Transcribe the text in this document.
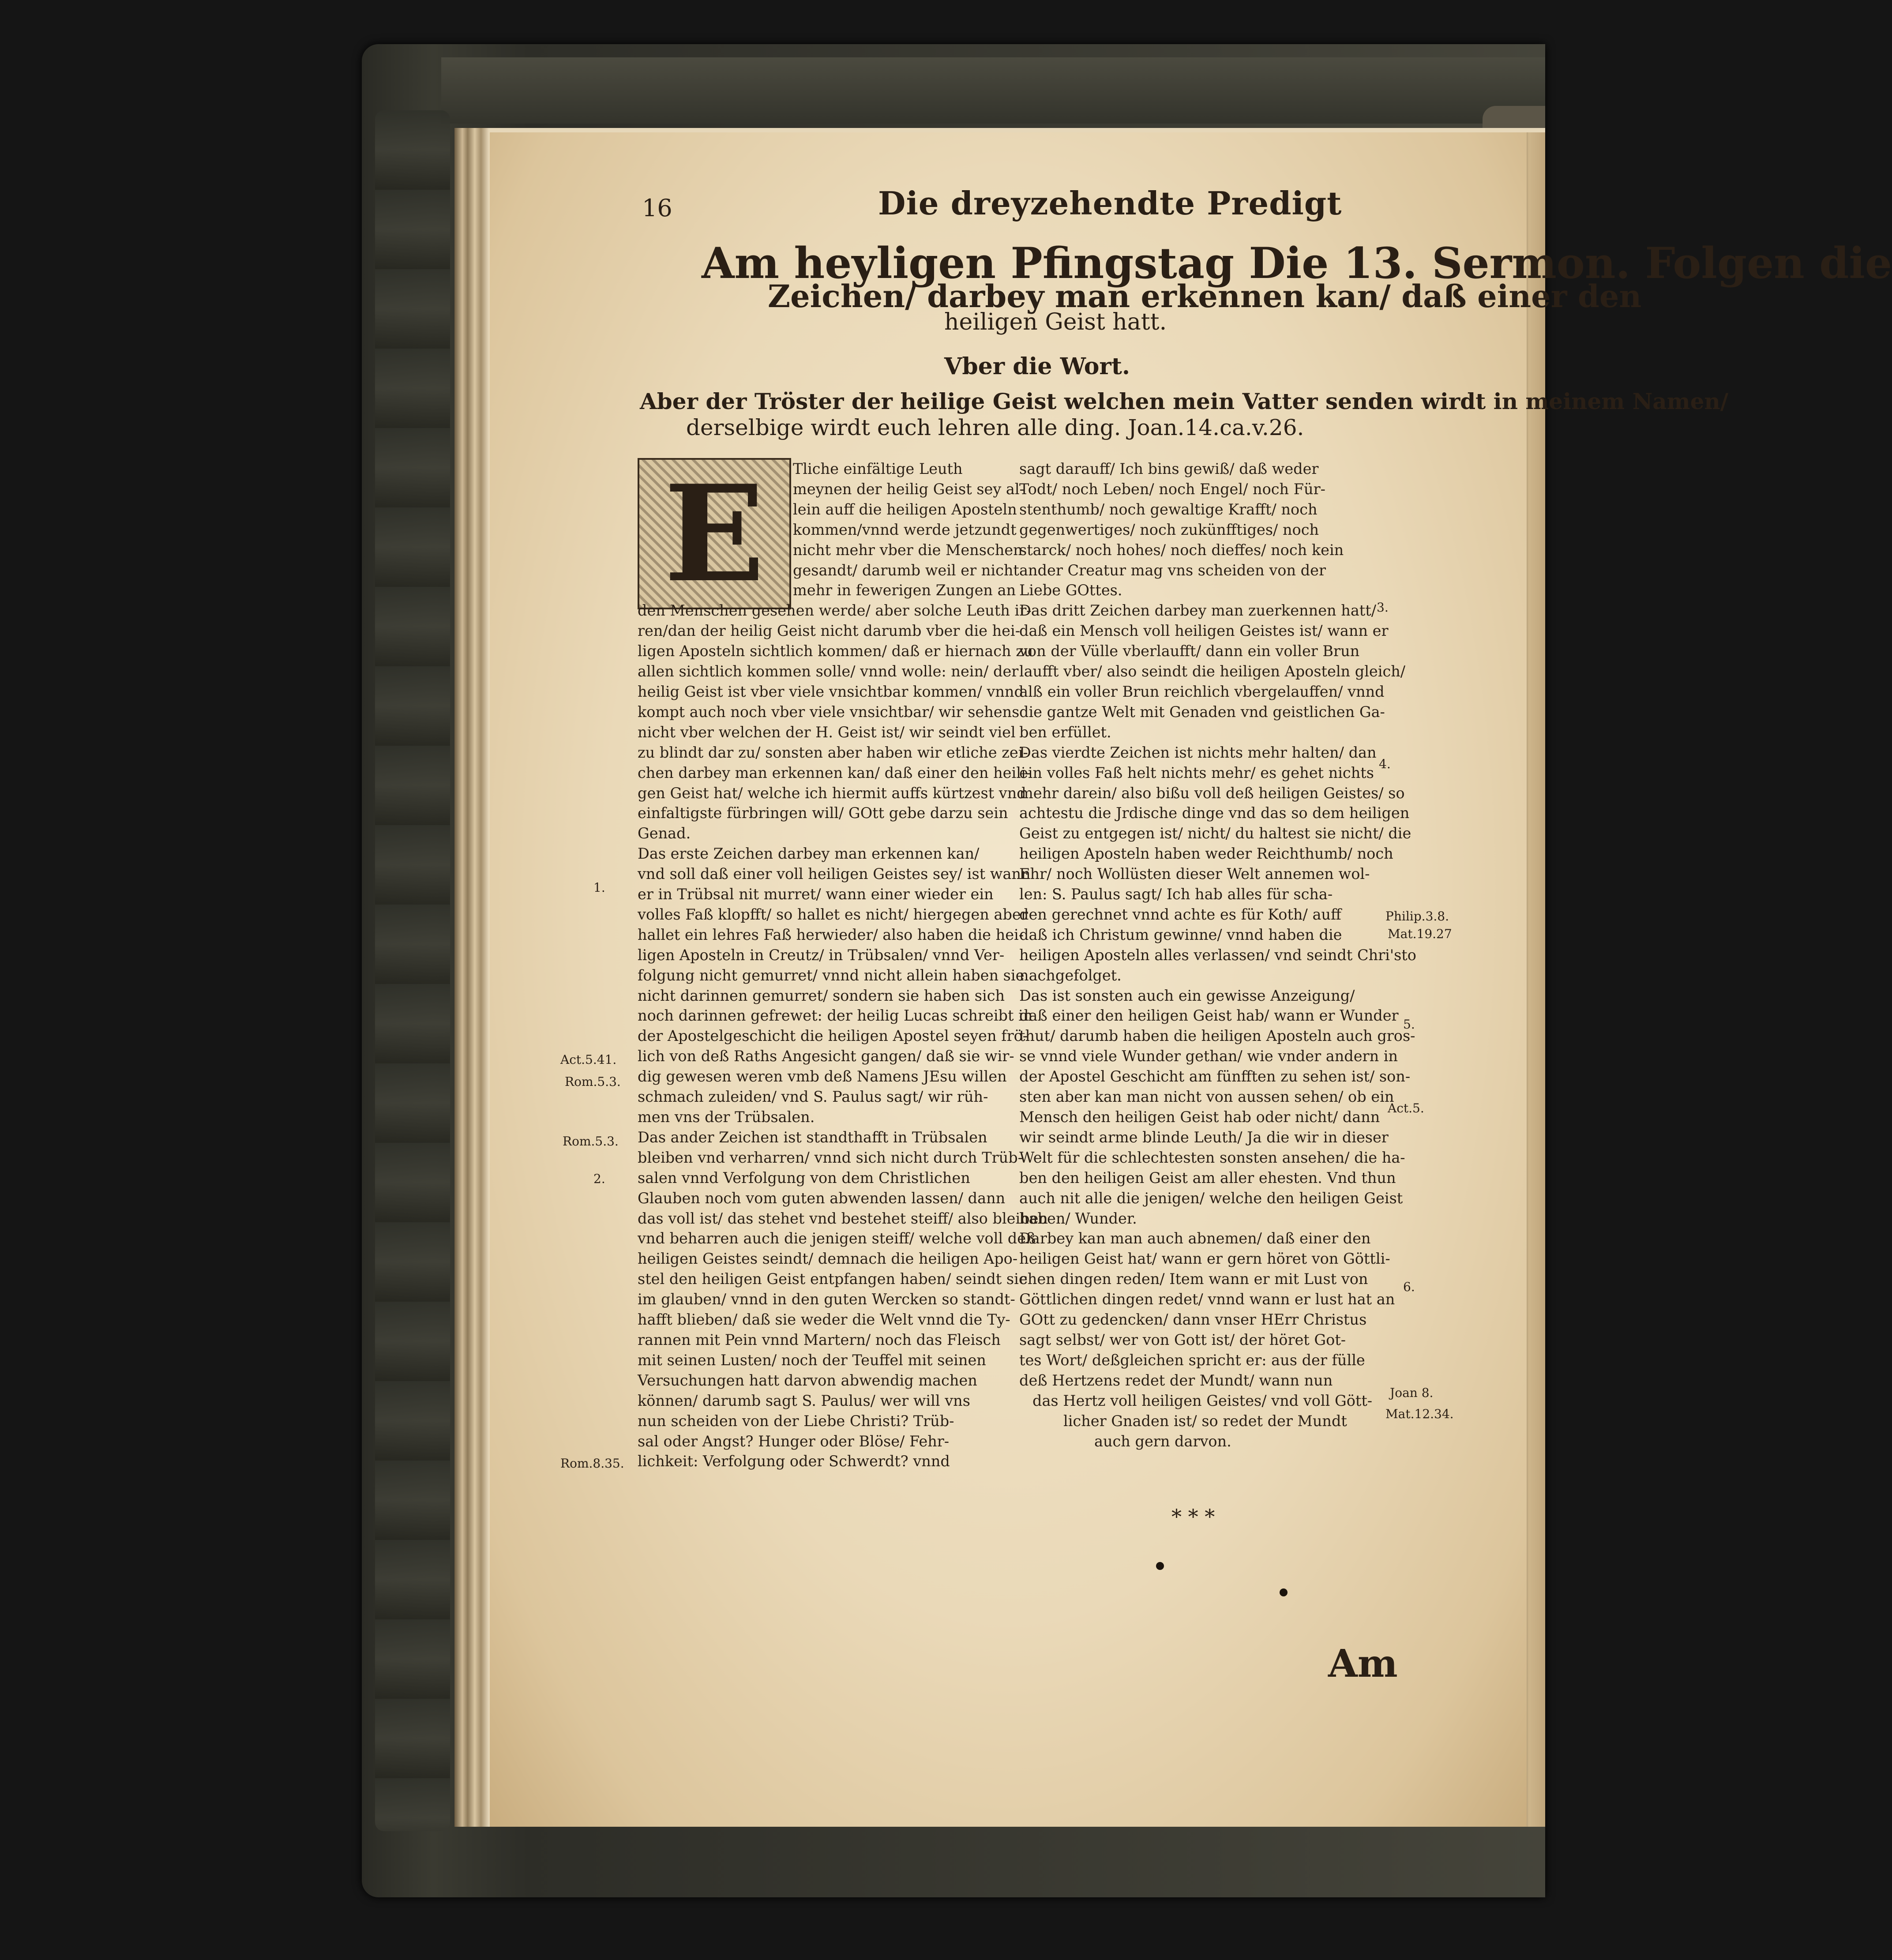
16	Die dreyzehendte Predigt
Am heyligen Pfingstag Die 13. Sermon. Folgen die
Zeichen/ darbey man erkennen kan/ daß einer den
heiligen Geist hatt.
Vber die Wort.
Aber der Tröster der heilige Geist welchen mein Vatter senden wirdt in meinem Namen/
derselbige wirdt euch lehren alle ding. Joan.14.ca.v.26.
E	Tliche einfältige Leuth
meynen der heilig Geist sey al-
lein auff die heiligen Aposteln
kommen/vnnd werde jetzundt
nicht mehr vber die Menschen
gesandt/ darumb weil er nicht
mehr in fewerigen Zungen an
den Menschen gesehen werde/ aber solche Leuth ir-
ren/dan der heilig Geist nicht darumb vber die hei-
ligen Aposteln sichtlich kommen/ daß er hiernach zu
allen sichtlich kommen solle/ vnnd wolle: nein/ der
heilig Geist ist vber viele vnsichtbar kommen/ vnnd
kompt auch noch vber viele vnsichtbar/ wir sehens
nicht vber welchen der H. Geist ist/ wir seindt viel
zu blindt dar zu/ sonsten aber haben wir etliche zei-
chen darbey man erkennen kan/ daß einer den heili-
gen Geist hat/ welche ich hiermit auffs kürtzest vnd
einfaltigste fürbringen will/ GOtt gebe darzu sein
Genad.
Das erste Zeichen darbey man erkennen kan/
vnd soll daß einer voll heiligen Geistes sey/ ist wann
er in Trübsal nit murret/ wann einer wieder ein
volles Faß klopfft/ so hallet es nicht/ hiergegen aber
hallet ein lehres Faß herwieder/ also haben die hei-
ligen Aposteln in Creutz/ in Trübsalen/ vnnd Ver-
folgung nicht gemurret/ vnnd nicht allein haben sie
nicht darinnen gemurret/ sondern sie haben sich
noch darinnen gefrewet: der heilig Lucas schreibt in
der Apostelgeschicht die heiligen Apostel seyen frö-
lich von deß Raths Angesicht gangen/ daß sie wir-
dig gewesen weren vmb deß Namens JEsu willen
schmach zuleiden/ vnd S. Paulus sagt/ wir rüh-
men vns der Trübsalen.
Das ander Zeichen ist standthafft in Trübsalen
bleiben vnd verharren/ vnnd sich nicht durch Trüb-
salen vnnd Verfolgung von dem Christlichen
Glauben noch vom guten abwenden lassen/ dann
das voll ist/ das stehet vnd bestehet steiff/ also bleiben
vnd beharren auch die jenigen steiff/ welche voll deß
heiligen Geistes seindt/ demnach die heiligen Apo-
stel den heiligen Geist entpfangen haben/ seindt sie
im glauben/ vnnd in den guten Wercken so standt-
hafft blieben/ daß sie weder die Welt vnnd die Ty-
rannen mit Pein vnnd Martern/ noch das Fleisch
mit seinen Lusten/ noch der Teuffel mit seinen
Versuchungen hatt darvon abwendig machen
können/ darumb sagt S. Paulus/ wer will vns
nun scheiden von der Liebe Christi? Trüb-
sal oder Angst? Hunger oder Blöse/ Fehr-
lichkeit: Verfolgung oder Schwerdt? vnnd
sagt darauff/ Ich bins gewiß/ daß weder
Todt/ noch Leben/ noch Engel/ noch Für-
stenthumb/ noch gewaltige Krafft/ noch
gegenwertiges/ noch zukünfftiges/ noch
starck/ noch hohes/ noch dieffes/ noch kein
ander Creatur mag vns scheiden von der
Liebe GOttes.
Das dritt Zeichen darbey man zuerkennen hatt/
daß ein Mensch voll heiligen Geistes ist/ wann er
von der Vülle vberlaufft/ dann ein voller Brun
laufft vber/ also seindt die heiligen Aposteln gleich/
alß ein voller Brun reichlich vbergelauffen/ vnnd
die gantze Welt mit Genaden vnd geistlichen Ga-
ben erfüllet.
Das vierdte Zeichen ist nichts mehr halten/ dan
ein volles Faß helt nichts mehr/ es gehet nichts
mehr darein/ also bißu voll deß heiligen Geistes/ so
achtestu die Jrdische dinge vnd das so dem heiligen
Geist zu entgegen ist/ nicht/ du haltest sie nicht/ die
heiligen Aposteln haben weder Reichthumb/ noch
Ehr/ noch Wollüsten dieser Welt annemen wol-
len: S. Paulus sagt/ Ich hab alles für scha-
den gerechnet vnnd achte es für Koth/ auff
daß ich Christum gewinne/ vnnd haben die
heiligen Aposteln alles verlassen/ vnd seindt Chri'sto
nachgefolget.
Das ist sonsten auch ein gewisse Anzeigung/
daß einer den heiligen Geist hab/ wann er Wunder
thut/ darumb haben die heiligen Aposteln auch gros-
se vnnd viele Wunder gethan/ wie vnder andern in
der Apostel Geschicht am fünfften zu sehen ist/ son-
sten aber kan man nicht von aussen sehen/ ob ein
Mensch den heiligen Geist hab oder nicht/ dann
wir seindt arme blinde Leuth/ Ja die wir in dieser
Welt für die schlechtesten sonsten ansehen/ die ha-
ben den heiligen Geist am aller ehesten. Vnd thun
auch nit alle die jenigen/ welche den heiligen Geist
haben/ Wunder.
Darbey kan man auch abnemen/ daß einer den
heiligen Geist hat/ wann er gern höret von Göttli-
chen dingen reden/ Item wann er mit Lust von
Göttlichen dingen redet/ vnnd wann er lust hat an
GOtt zu gedencken/ dann vnser HErr Christus
sagt selbst/ wer von Gott ist/ der höret Got-
tes Wort/ deßgleichen spricht er: aus der fülle
deß Hertzens redet der Mundt/ wann nun
das Hertz voll heiligen Geistes/ vnd voll Gött-
licher Gnaden ist/ so redet der Mundt
auch gern darvon.
1.
Act.5.41.
Rom.5.3.
Rom.5.3.
2.
Rom.8.35.
3.
4.
Philip.3.8.
Mat.19.27
5.
Act.5.
6.
Joan 8.
Mat.12.34.
* * *
Am
